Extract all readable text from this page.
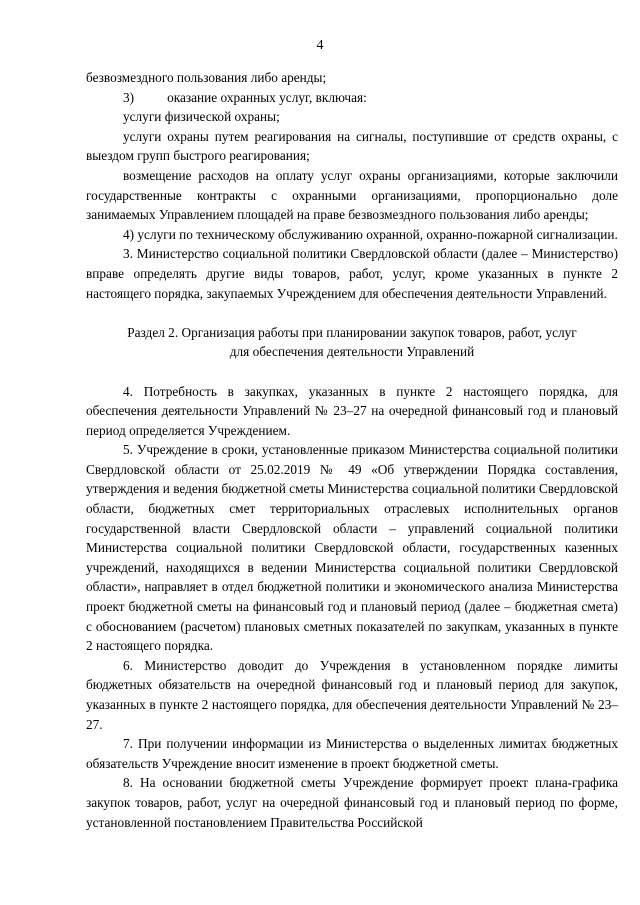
4

безвозмездного пользования либо аренды;

3) оказание охранных услуг, включая:

услуги физической охраны;

услуги охраны путем реагирования на сигналы, поступившие от средств охраны, с выездом групп быстрого реагирования;

возмещение расходов на оплату услуг охраны организациями, которые заключили государственные контракты с охранными организациями, пропорционально доле занимаемых Управлением площадей на праве безвозмездного пользования либо аренды;

4) услуги по техническому обслуживанию охранной, охранно-пожарной сигнализации.

3. Министерство социальной политики Свердловской области (далее – Министерство) вправе определять другие виды товаров, работ, услуг, кроме указанных в пункте 2 настоящего порядка, закупаемых Учреждением для обеспечения деятельности Управлений.

Раздел 2. Организация работы при планировании закупок товаров, работ, услуг

для обеспечения деятельности Управлений

4. Потребность в закупках, указанных в пункте 2 настоящего порядка, для обеспечения деятельности Управлений № 23–27 на очередной финансовый год и плановый период определяется Учреждением.

5. Учреждение в сроки, установленные приказом Министерства социальной политики Свердловской области от 25.02.2019 № 49 «Об утверждении Порядка составления, утверждения и ведения бюджетной сметы Министерства социальной политики Свердловской области, бюджетных смет территориальных отраслевых исполнительных органов государственной власти Свердловской области – управлений социальной политики Министерства социальной политики Свердловской области, государственных казенных учреждений, находящихся в ведении Министерства социальной политики Свердловской области», направляет в отдел бюджетной политики и экономического анализа Министерства проект бюджетной сметы на финансовый год и плановый период (далее – бюджетная смета) с обоснованием (расчетом) плановых сметных показателей по закупкам, указанных в пункте 2 настоящего порядка.

6. Министерство доводит до Учреждения в установленном порядке лимиты бюджетных обязательств на очередной финансовый год и плановый период для закупок, указанных в пункте 2 настоящего порядка, для обеспечения деятельности Управлений № 23–27.

7. При получении информации из Министерства о выделенных лимитах бюджетных обязательств Учреждение вносит изменение в проект бюджетной сметы.

8. На основании бюджетной сметы Учреждение формирует проект плана-графика закупок товаров, работ, услуг на очередной финансовый год и плановый период по форме, установленной постановлением Правительства Российской
